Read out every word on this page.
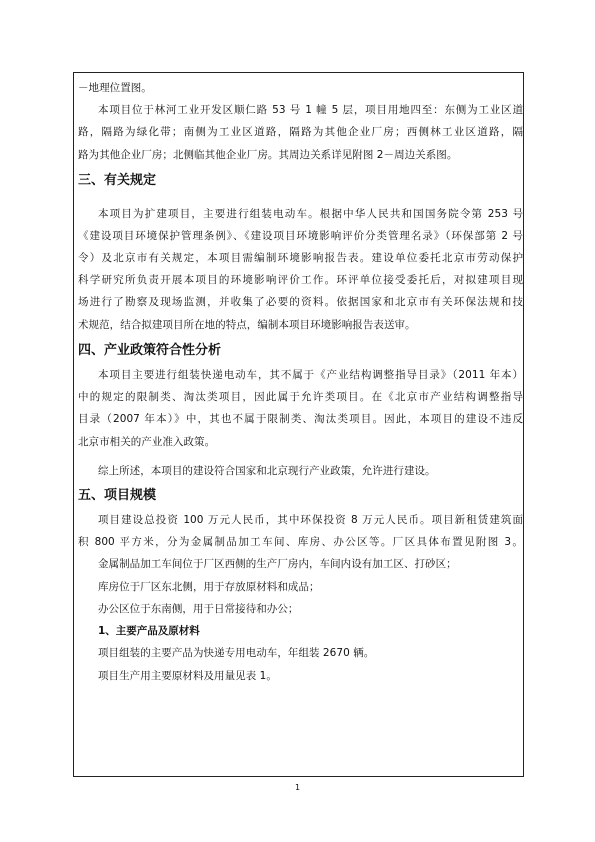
－地理位置图。
本项目位于林河工业开发区顺仁路 53 号 1 幢 5 层，项目用地四至：东侧为工业区道
路，隔路为绿化带；南侧为工业区道路，隔路为其他企业厂房；西侧林工业区道路，隔
路为其他企业厂房；北侧临其他企业厂房。其周边关系详见附图 2－周边关系图。
三、有关规定
本项目为扩建项目，主要进行组装电动车。根据中华人民共和国国务院令第 253 号
《建设项目环境保护管理条例》、《建设项目环境影响评价分类管理名录》（环保部第 2 号
令）及北京市有关规定，本项目需编制环境影响报告表。建设单位委托北京市劳动保护
科学研究所负责开展本项目的环境影响评价工作。环评单位接受委托后，对拟建项目现
场进行了勘察及现场监测，并收集了必要的资料。依据国家和北京市有关环保法规和技
术规范，结合拟建项目所在地的特点，编制本项目环境影响报告表送审。
四、产业政策符合性分析
本项目主要进行组装快递电动车，其不属于《产业结构调整指导目录》（2011 年本）
中的规定的限制类、淘汰类项目，因此属于允许类项目。在《北京市产业结构调整指导
目录（2007 年本）》中，其也不属于限制类、淘汰类项目。因此，本项目的建设不违反
北京市相关的产业准入政策。
综上所述，本项目的建设符合国家和北京现行产业政策，允许进行建设。
五、项目规模
项目建设总投资 100 万元人民币，其中环保投资 8 万元人民币。项目新租赁建筑面
积 800 平方米，分为金属制品加工车间、库房、办公区等。厂区具体布置见附图 3。
金属制品加工车间位于厂区西侧的生产厂房内，车间内设有加工区、打砂区；
库房位于厂区东北侧，用于存放原材料和成品；
办公区位于东南侧，用于日常接待和办公；
1、主要产品及原材料
项目组装的主要产品为快递专用电动车，年组装 2670 辆。
项目生产用主要原材料及用量见表 1。
1
